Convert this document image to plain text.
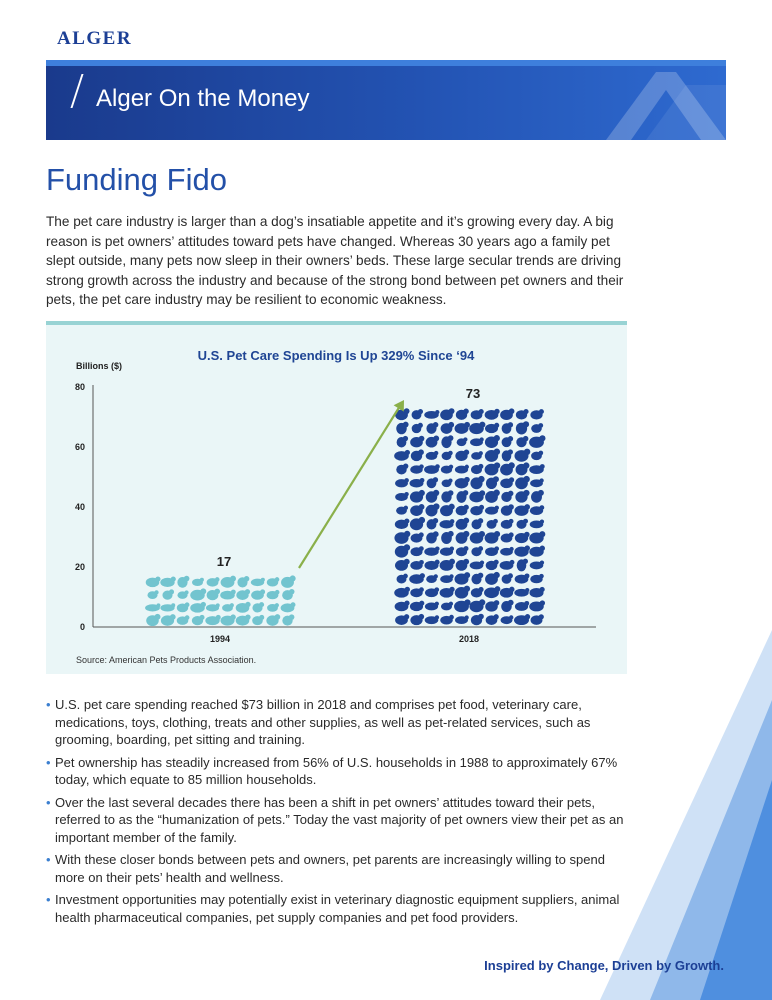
ALGER
Alger On the Money
Funding Fido

The pet care industry is larger than a dog’s insatiable appetite and it’s growing every day. A big reason is pet owners’ attitudes toward pets have changed. Whereas 30 years ago a family pet slept outside, many pets now sleep in their owners’ beds. These large secular trends are driving strong growth across the industry and because of the strong bond between pet owners and their pets, the pet care industry may be resilient to economic weakness.

U.S. Pet Care Spending Is Up 329% Since ‘94
Billions ($)
17
73
0
20
40
60
80
1994	2018
Source: American Pets Products Association.
• U.S. pet care spending reached $73 billion in 2018 and comprises pet food, veterinary care, medications, toys, clothing, treats and other supplies, as well as pet-related services, such as grooming, boarding, pet sitting and training.
• Pet ownership has steadily increased from 56% of U.S. households in 1988 to approximately 67% today, which equate to 85 million households.
• Over the last several decades there has been a shift in pet owners’ attitudes toward their pets, referred to as the “humanization of pets.” Today the vast majority of pet owners view their pet as an important member of the family.
• With these closer bonds between pets and owners, pet parents are increasingly willing to spend more on their pets’ health and wellness.
• Investment opportunities may potentially exist in veterinary diagnostic equipment suppliers, animal health pharmaceutical companies, pet supply companies and pet food providers.
Inspired by Change, Driven by Growth.
